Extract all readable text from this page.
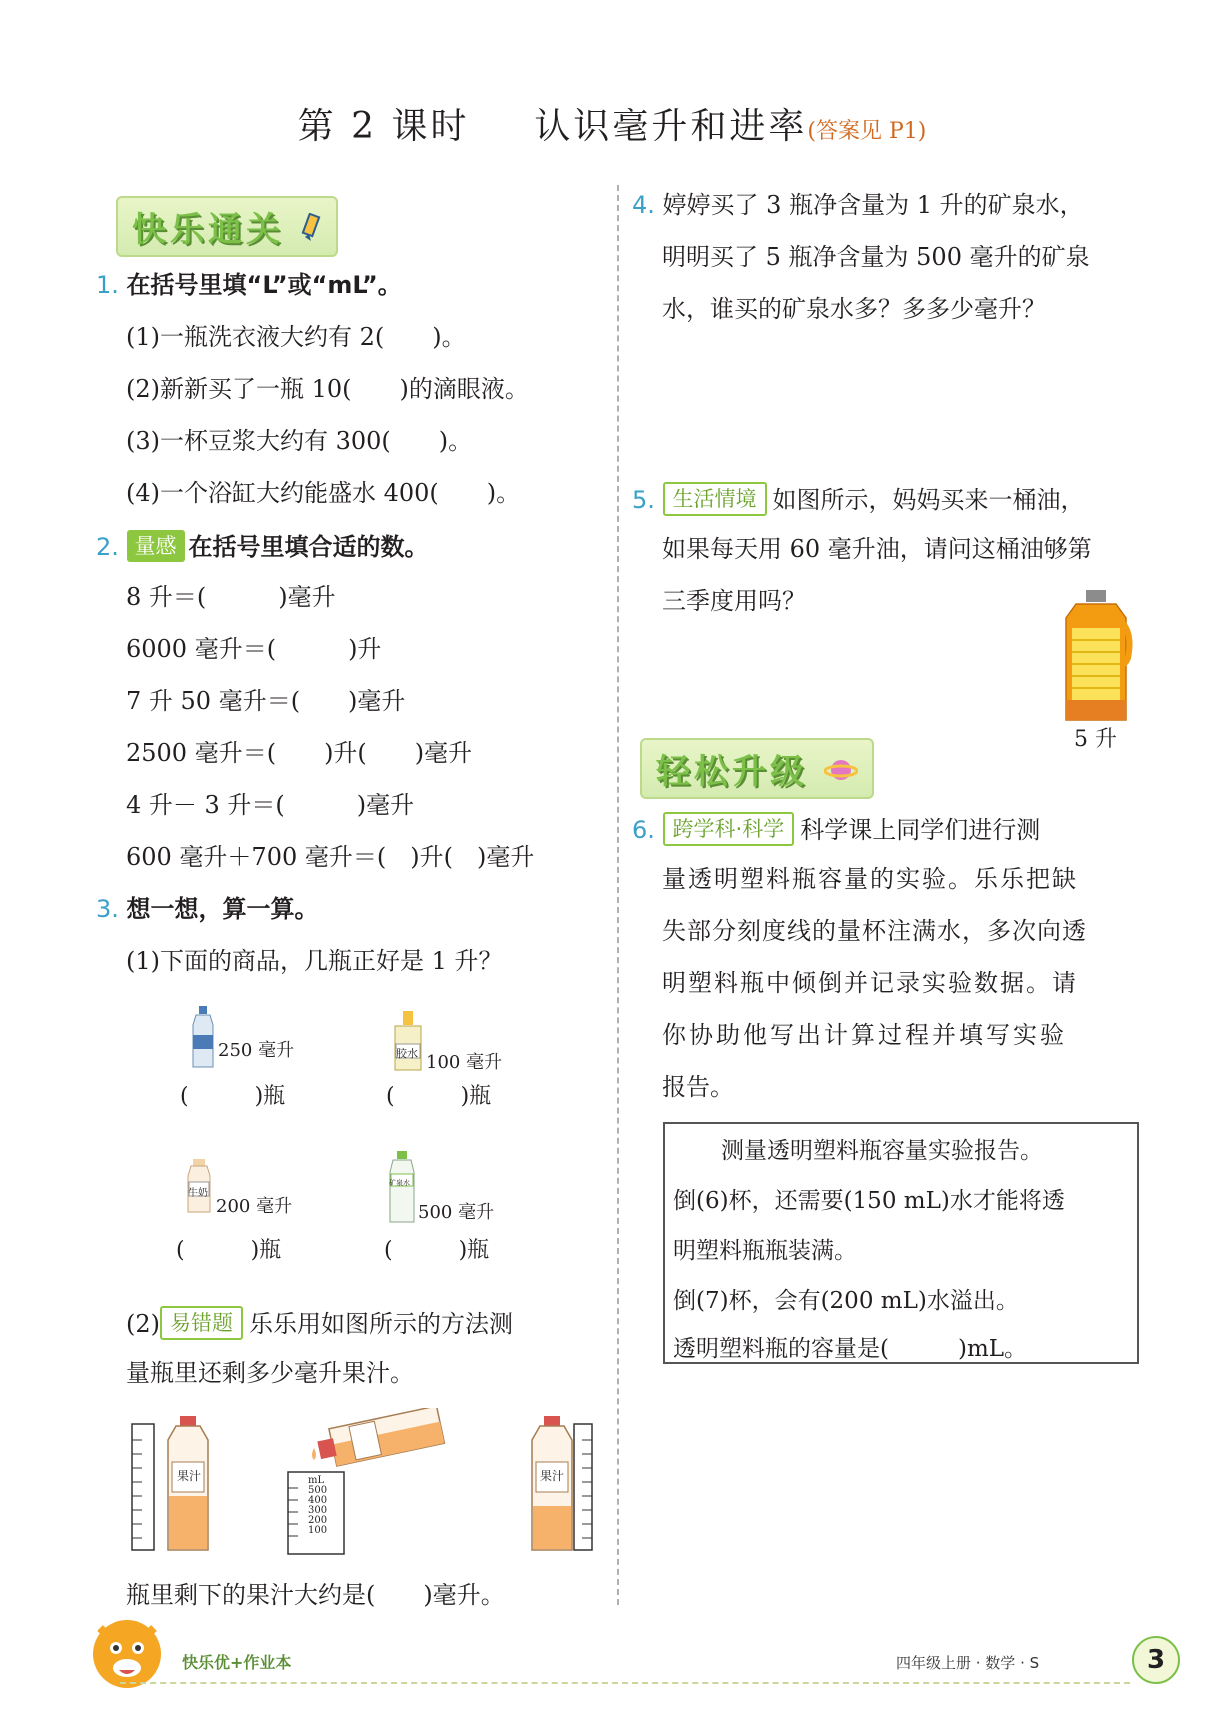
第 2 课时 认识毫升和进率(答案见 P1)
快乐通关
1. 在括号里填“L”或“mL”。
(1)一瓶洗衣液大约有 2(　　)。
(2)新新买了一瓶 10(　　)的滴眼液。
(3)一杯豆浆大约有 300(　　)。
(4)一个浴缸大约能盛水 400(　　)。
2. 量感 在括号里填合适的数。
8 升＝(　　　)毫升
6000 毫升＝(　　　)升
7 升 50 毫升＝(　　)毫升
2500 毫升＝(　　)升(　　)毫升
4 升－ 3 升＝(　　　)毫升
600 毫升＋700 毫升＝(　)升(　)毫升
3. 想一想，算一算。
(1)下面的商品，几瓶正好是 1 升？
250 毫升
(　　　)瓶
胶水 100 毫升
(　　　)瓶
牛奶
200 毫升
(　　　)瓶
矿泉水
500 毫升
(　　　)瓶
(2) 易错题 乐乐用如图所示的方法测
量瓶里还剩多少毫升果汁。
果汁	mL
500
400
300
200
100
果汁
瓶里剩下的果汁大约是(　　)毫升。
4. 婷婷买了 3 瓶净含量为 1 升的矿泉水，
明明买了 5 瓶净含量为 500 毫升的矿泉
水，谁买的矿泉水多？多多少毫升？
5. 生活情境 如图所示，妈妈买来一桶油，
如果每天用 60 毫升油，请问这桶油够第
三季度用吗？
5 升
轻松升级
6. 跨学科·科学 科学课上同学们进行测
量透明塑料瓶容量的实验。乐乐把缺
失部分刻度线的量杯注满水，多次向透
明塑料瓶中倾倒并记录实验数据。请
你协助他写出计算过程并填写实验
报告。
测量透明塑料瓶容量实验报告。
倒(6)杯，还需要(150 mL)水才能将透
明塑料瓶瓶装满。
倒(7)杯，会有(200 mL)水溢出。
透明塑料瓶的容量是(　　　)mL。
快乐优+作业本	四年级上册 · 数学 · S	3
